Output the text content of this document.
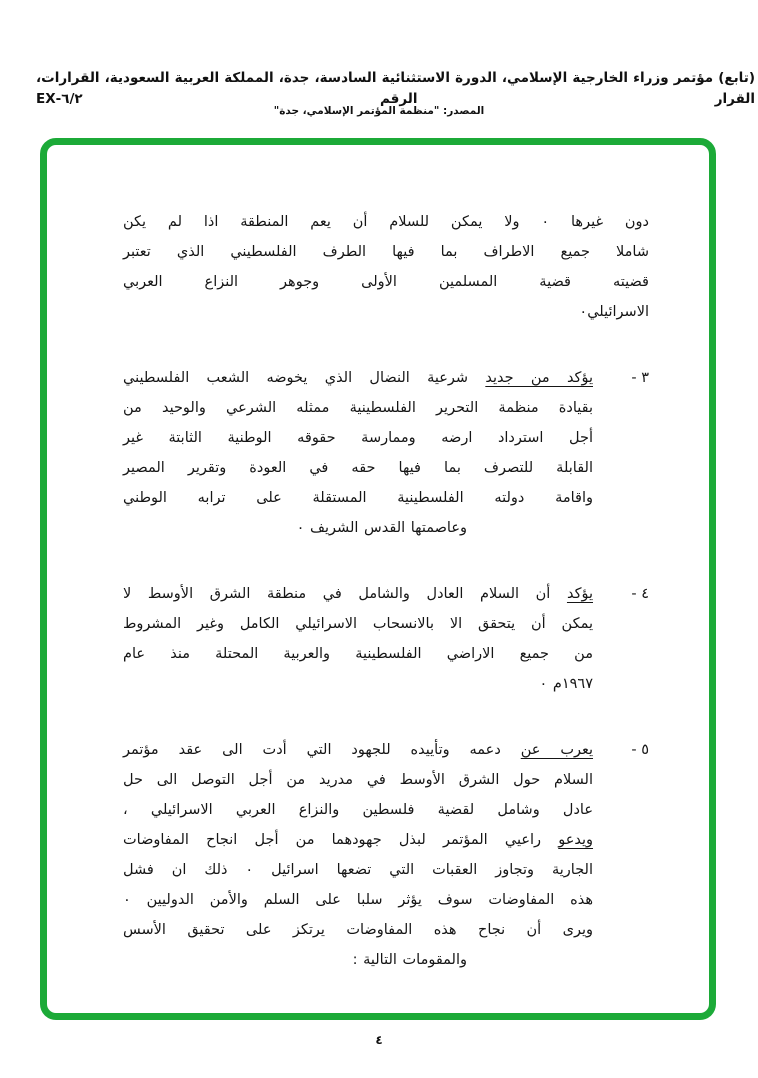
(تابع) مؤتمر وزراء الخارجية الإسلامي، الدورة الاستثنائية السادسة، جدة، المملكة العربية السعودية، القرارات، القرار الرقم ٦/٢-EX
المصدر: "منظمة المؤتمر الإسلامي، جدة"
دون غيرها ٠ ولا يمكن للسلام أن يعم المنطقة اذا لم يكن
شاملا جميع الاطراف بما فيها الطرف الفلسطيني الذي تعتبر
قضيته قضية المسلمين الأولى وجوهر النزاع العربي
الاسرائيلي٠
٣ -
يؤكد من جديد شرعية النضال الذي يخوضه الشعب الفلسطيني
بقيادة منظمة التحرير الفلسطينية ممثله الشرعي والوحيد من
أجل استرداد ارضه وممارسة حقوقه الوطنية الثابتة غير
القابلة للتصرف بما فيها حقه في العودة وتقرير المصير
واقامة دولته الفلسطينية المستقلة على ترابه الوطني
وعاصمتها القدس الشريف ٠
٤ -
يؤكد أن السلام العادل والشامل في منطقة الشرق الأوسط لا
يمكن أن يتحقق الا بالانسحاب الاسرائيلي الكامل وغير المشروط
من جميع الاراضي الفلسطينية والعربية المحتلة منذ عام
١٩٦٧م ٠
٥ -
يعرب عن دعمه وتأييده للجهود التي أدت الى عقد مؤتمر
السلام حول الشرق الأوسط في مدريد من أجل التوصل الى حل
عادل وشامل لقضية فلسطين والنزاع العربي الاسرائيلي ،
ويدعو راعيي المؤتمر لبذل جهودهما من أجل انجاح المفاوضات
الجارية وتجاوز العقبات التي تضعها اسرائيل ٠ ذلك ان فشل
هذه المفاوضات سوف يؤثر سلبا على السلم والأمن الدوليين ٠
ويرى أن نجاح هذه المفاوضات يرتكز على تحقيق الأسس
والمقومات التالية :
٤
